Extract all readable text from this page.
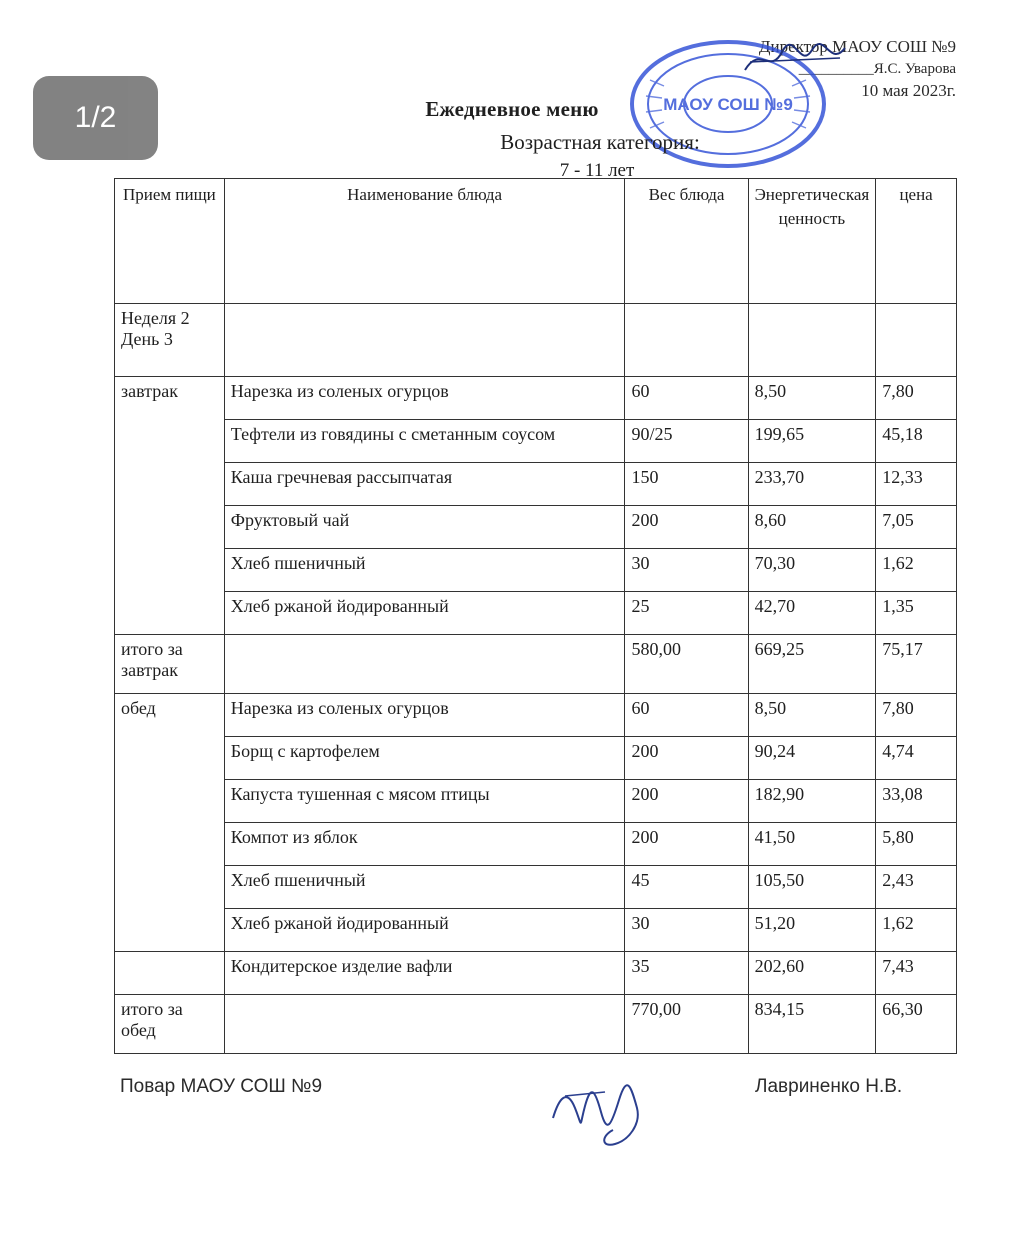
1/2
Директор МАОУ СОШ №9
__________Я.С. Уварова
10 мая 2023г.
МАОУ СОШ №9
Ежедневное меню
Возрастная категория:
7 - 11 лет
Прием пищи	Наименование блюда	Вес блюда	Энергетическая ценность	цена
Неделя 2 День 3				
завтрак	Нарезка из соленых огурцов	60	8,50	7,80
	Тефтели из говядины с сметанным соусом	90/25	199,65	45,18
	Каша гречневая рассыпчатая	150	233,70	12,33
	Фруктовый чай	200	8,60	7,05
	Хлеб пшеничный	30	70,30	1,62
	Хлеб ржаной йодированный	25	42,70	1,35
итого за завтрак		580,00	669,25	75,17
обед	Нарезка из соленых огурцов	60	8,50	7,80
	Борщ с картофелем	200	90,24	4,74
	Капуста тушенная с мясом птицы	200	182,90	33,08
	Компот из яблок	200	41,50	5,80
	Хлеб пшеничный	45	105,50	2,43
	Хлеб ржаной йодированный	30	51,20	1,62
	Кондитерское изделие вафли	35	202,60	7,43
итого за обед		770,00	834,15	66,30
Повар МАОУ СОШ №9	Лавриненко Н.В.
